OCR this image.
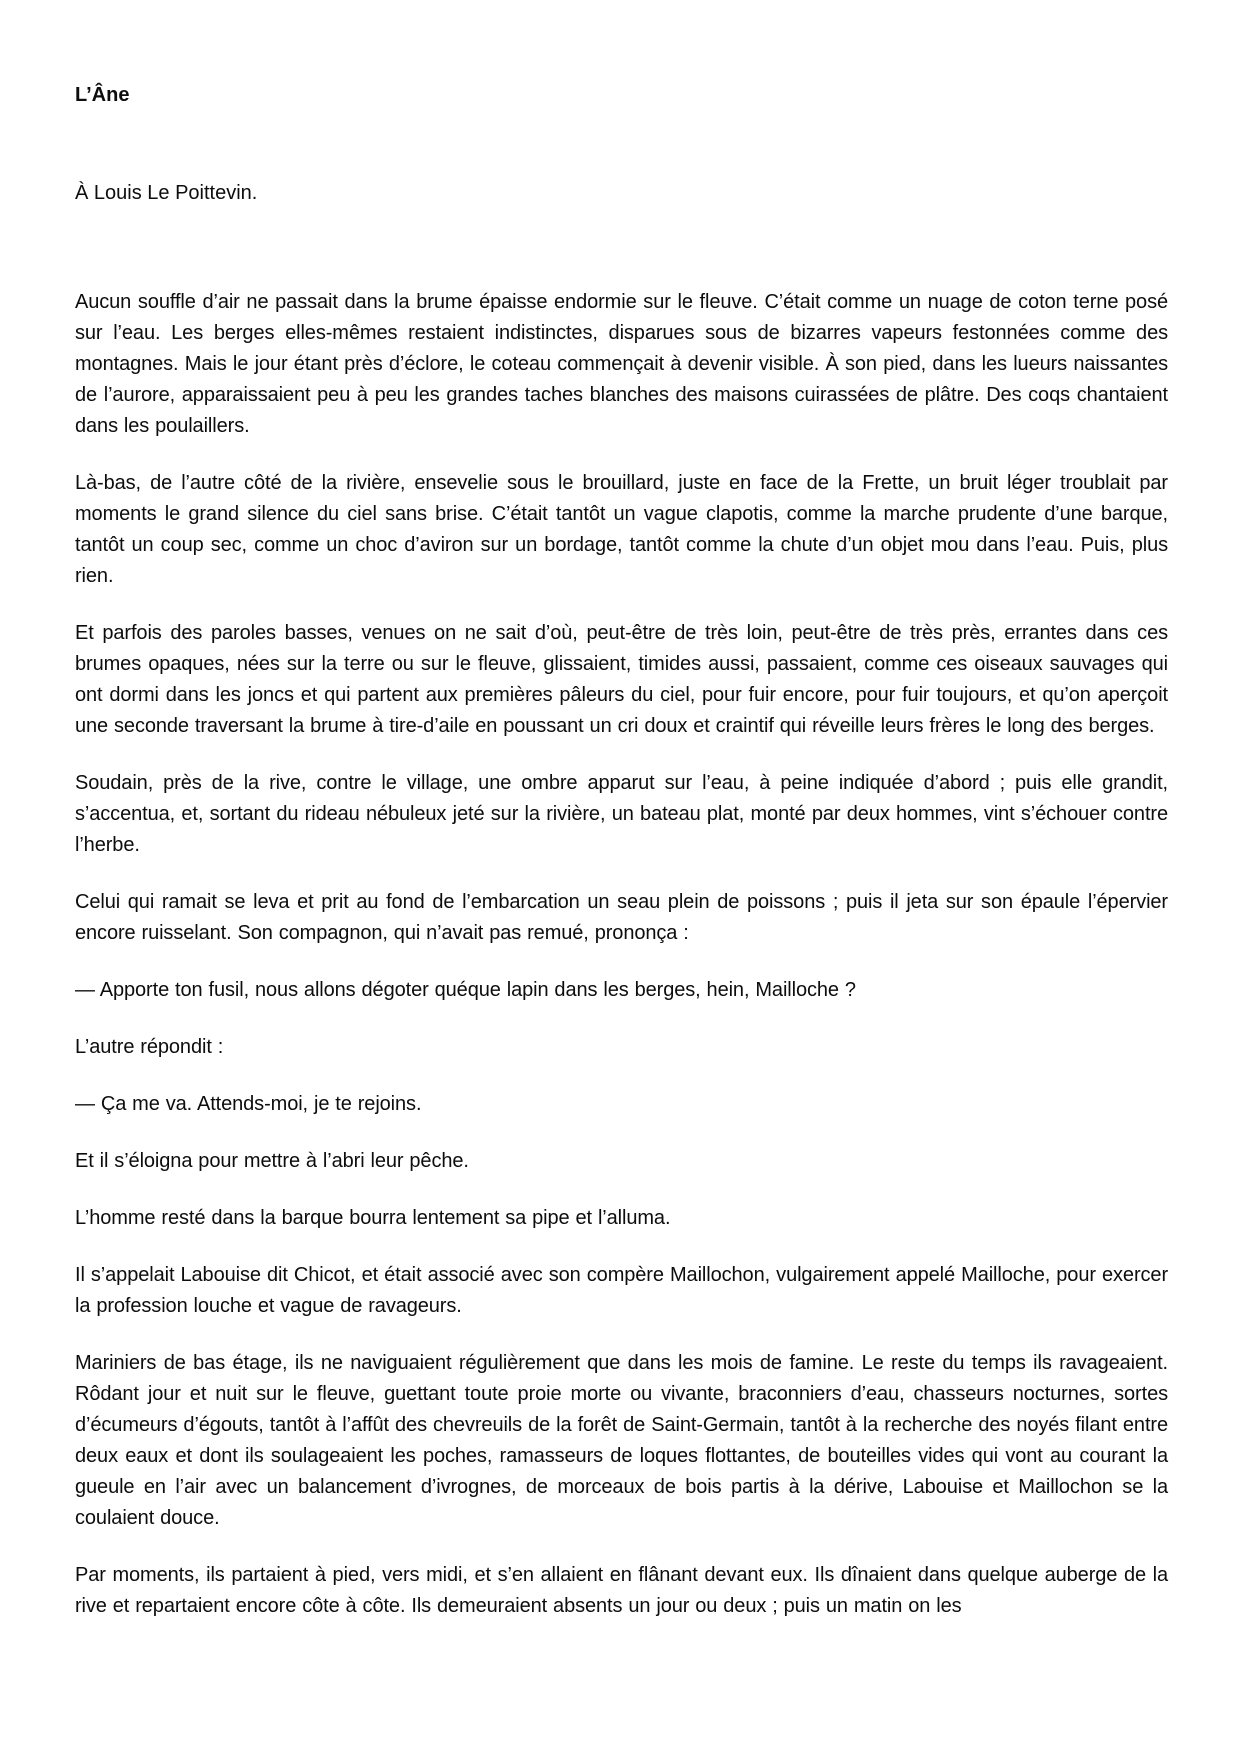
L’Âne

À Louis Le Poittevin.

Aucun souffle d’air ne passait dans la brume épaisse endormie sur le fleuve. C’était comme un nuage de coton terne posé sur l’eau. Les berges elles-mêmes restaient indistinctes, disparues sous de bizarres vapeurs festonnées comme des montagnes. Mais le jour étant près d’éclore, le coteau commençait à devenir visible. À son pied, dans les lueurs naissantes de l’aurore, apparaissaient peu à peu les grandes taches blanches des maisons cuirassées de plâtre. Des coqs chantaient dans les poulaillers.

Là-bas, de l’autre côté de la rivière, ensevelie sous le brouillard, juste en face de la Frette, un bruit léger troublait par moments le grand silence du ciel sans brise. C’était tantôt un vague clapotis, comme la marche prudente d’une barque, tantôt un coup sec, comme un choc d’aviron sur un bordage, tantôt comme la chute d’un objet mou dans l’eau. Puis, plus rien.

Et parfois des paroles basses, venues on ne sait d’où, peut-être de très loin, peut-être de très près, errantes dans ces brumes opaques, nées sur la terre ou sur le fleuve, glissaient, timides aussi, passaient, comme ces oiseaux sauvages qui ont dormi dans les joncs et qui partent aux premières pâleurs du ciel, pour fuir encore, pour fuir toujours, et qu’on aperçoit une seconde traversant la brume à tire-d’aile en poussant un cri doux et craintif qui réveille leurs frères le long des berges.

Soudain, près de la rive, contre le village, une ombre apparut sur l’eau, à peine indiquée d’abord ; puis elle grandit, s’accentua, et, sortant du rideau nébuleux jeté sur la rivière, un bateau plat, monté par deux hommes, vint s’échouer contre l’herbe.

Celui qui ramait se leva et prit au fond de l’embarcation un seau plein de poissons ; puis il jeta sur son épaule l’épervier encore ruisselant. Son compagnon, qui n’avait pas remué, prononça :

— Apporte ton fusil, nous allons dégoter quéque lapin dans les berges, hein, Mailloche ?

L’autre répondit :

— Ça me va. Attends-moi, je te rejoins.

Et il s’éloigna pour mettre à l’abri leur pêche.

L’homme resté dans la barque bourra lentement sa pipe et l’alluma.

Il s’appelait Labouise dit Chicot, et était associé avec son compère Maillochon, vulgairement appelé Mailloche, pour exercer la profession louche et vague de ravageurs.

Mariniers de bas étage, ils ne naviguaient régulièrement que dans les mois de famine. Le reste du temps ils ravageaient. Rôdant jour et nuit sur le fleuve, guettant toute proie morte ou vivante, braconniers d’eau, chasseurs nocturnes, sortes d’écumeurs d’égouts, tantôt à l’affût des chevreuils de la forêt de Saint-Germain, tantôt à la recherche des noyés filant entre deux eaux et dont ils soulageaient les poches, ramasseurs de loques flottantes, de bouteilles vides qui vont au courant la gueule en l’air avec un balancement d’ivrognes, de morceaux de bois partis à la dérive, Labouise et Maillochon se la coulaient douce.

Par moments, ils partaient à pied, vers midi, et s’en allaient en flânant devant eux. Ils dînaient dans quelque auberge de la rive et repartaient encore côte à côte. Ils demeuraient absents un jour ou deux ; puis un matin on les
